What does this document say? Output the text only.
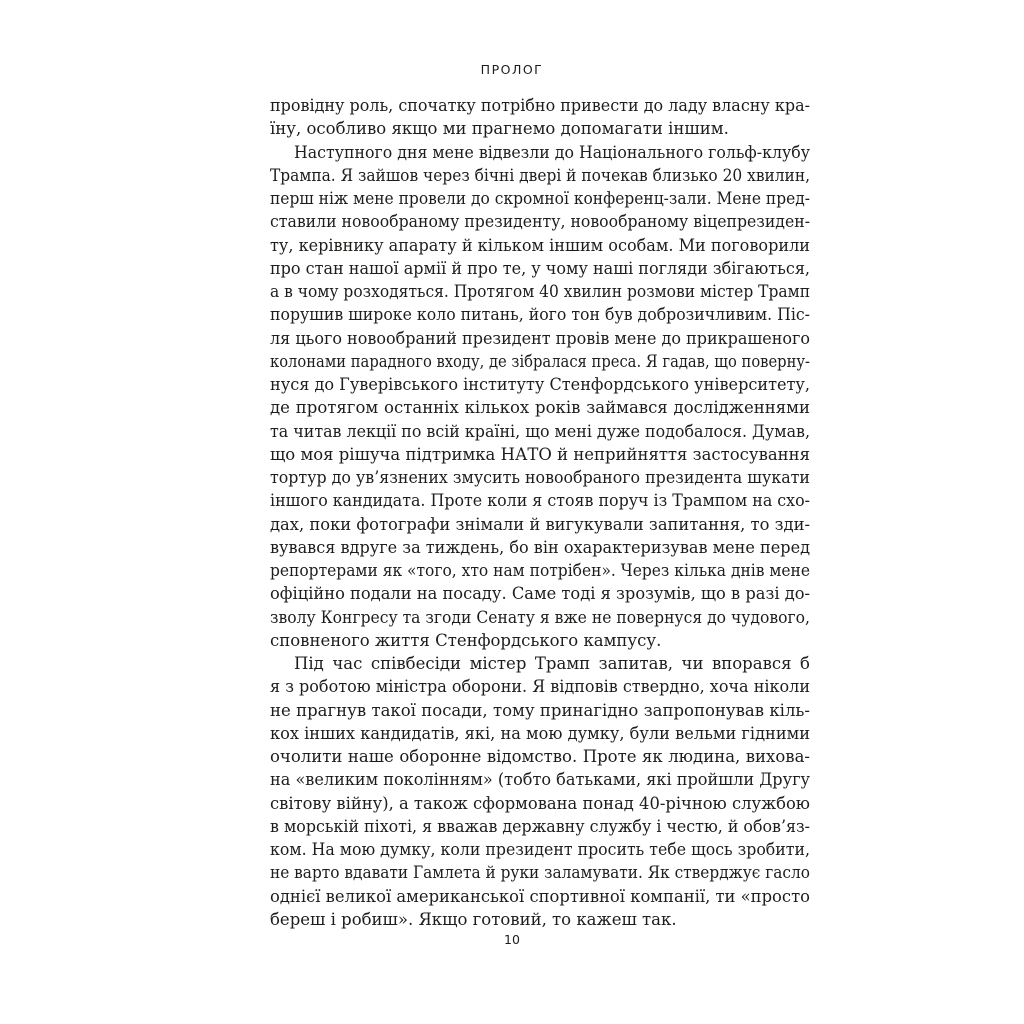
ПРОЛОГ
провідну роль, спочатку потрібно привести до ладу власну кра-
їну, особливо якщо ми прагнемо допомагати іншим.
Наступного дня мене відвезли до Національного гольф-клубу
Трампа. Я зайшов через бічні двері й почекав близько 20 хвилин,
перш ніж мене провели до скромної конференц-зали. Мене пред-
ставили новообраному президенту, новообраному віцепрезиден-
ту, керівнику апарату й кільком іншим особам. Ми поговорили
про стан нашої армії й про те, у чому наші погляди збігаються,
а в чому розходяться. Протягом 40 хвилин розмови містер Трамп
порушив широке коло питань, його тон був доброзичливим. Піс-
ля цього новообраний президент провів мене до прикрашеного
колонами парадного входу, де зібралася преса. Я гадав, що поверну-
нуся до Гуверівського інституту Стенфордського університету,
де протягом останніх кількох років займався дослідженнями
та читав лекції по всій країні, що мені дуже подобалося. Думав,
що моя рішуча підтримка НАТО й неприйняття застосування
тортур до ув’язнених змусить новообраного президента шукати
іншого кандидата. Проте коли я стояв поруч із Трампом на схо-
дах, поки фотографи знімали й вигукували запитання, то зди-
вувався вдруге за тиждень, бо він охарактеризував мене перед
репортерами як «того, хто нам потрібен». Через кілька днів мене
офіційно подали на посаду. Саме тоді я зрозумів, що в разі до-
зволу Конгресу та згоди Сенату я вже не повернуся до чудового,
сповненого життя Стенфордського кампусу.
Під час співбесіди містер Трамп запитав, чи впорався б
я з роботою міністра оборони. Я відповів ствердно, хоча ніколи
не прагнув такої посади, тому принагідно запропонував кіль-
кох інших кандидатів, які, на мою думку, були вельми гідними
очолити наше оборонне відомство. Проте як людина, вихова-
на «великим поколінням» (тобто батьками, які пройшли Другу
світову війну), а також сформована понад 40-річною службою
в морській піхоті, я вважав державну службу і честю, й обов’яз-
ком. На мою думку, коли президент просить тебе щось зробити,
не варто вдавати Гамлета й руки заламувати. Як стверджує гасло
однієї великої американської спортивної компанії, ти «просто
береш і робиш». Якщо готовий, то кажеш так.
10
